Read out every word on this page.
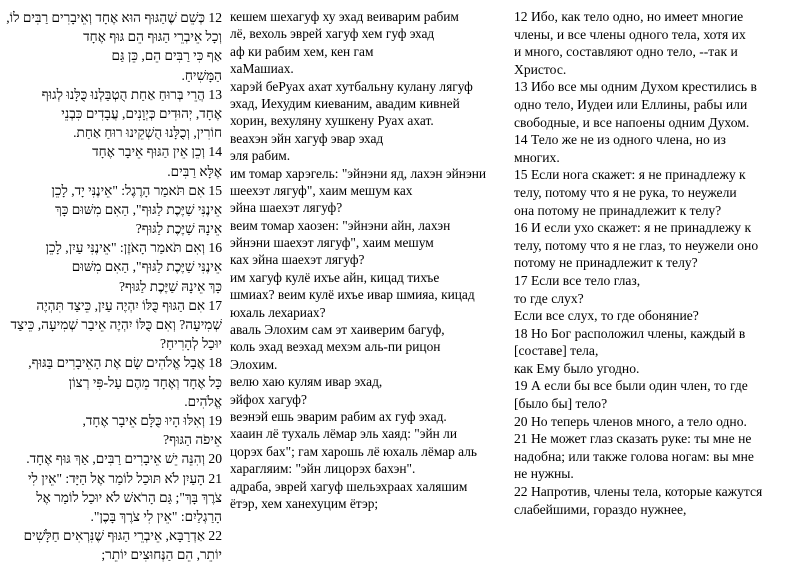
12 כְּשֵׁם שֶׁהַגּוּף הוּא אֶחָד וְאֵיבָרִים רַבִּים לוֹ,
וְכָל אֵיבְרֵי הַגּוּף הֵם גּוּף אֶחָד
אַף כִּי רַבִּים הֵם, כֵּן גַּם
הַמָּשִׁיחַ.
13 הֲרֵי בְּרוּחַ אַחַת הֻטְבַּלְנוּ כֻּלָּנוּ לְגוּף
אֶחָד, יְהוּדִים כְּיְוָנִים, עֲבָדִים כִּבְנֵי
חוֹרִין, וְכֻלָּנוּ הֻשְׁקֵינוּ רוּחַ אַחַת.
14 וְכֵן אֵין הַגּוּף אֵיבָר אֶחָד
אֶלָּא רַבִּים.
15 אִם תֹּאמַר הָרֶגֶל: "אֵינֶנִּי יָד, לָכֵן
אֵינֶנִּי שַׁיֶּכֶת לַגּוּף", הַאִם מִשּׁוּם כָּךְ
אֵינָהּ שַׁיֶּכֶת לַגּוּף?
16 וְאִם תֹּאמַר הָאֹזֶן: "אֵינֶנִּי עַיִן, לָכֵן
אֵינֶנִּי שַׁיֶּכֶת לַגּוּף", הַאִם מִשּׁוּם
כָּךְ אֵינָהּ שַׁיֶּכֶת לַגּוּף?
17 אִם הַגּוּף כֻּלּוֹ יִהְיֶה עַיִן, כֵּיצַד תִּהְיֶה
שְׁמִיעָה? וְאִם כֻּלּוֹ יִהְיֶה אֵיבַר שְׁמִיעָה, כֵּיצַד
יוּכַל לְהָרִיחַ?
18 אֲבָל אֱלֹהִים שָׂם אֶת הָאֵיבָרִים בַּגּוּף,
כָּל אֶחָד וְאֶחָד מֵהֶם עַל-פִּי רְצוֹן
אֱלֹהִים.
19 וְאִלּוּ הָיוּ כֻּלָּם אֵיבָר אֶחָד,
אֵיפֹה הַגּוּף?
20 וְהִנֵּה יֵשׁ אֵיבָרִים רַבִּים, אַךְ גּוּף אֶחָד.
21 הָעַיִן לֹא תּוּכַל לוֹמַר אֶל הַיָּד: "אֵין לִי
צֹרֶךְ בָּךְ"; גַּם הָרֹאשׁ לֹא יוּכַל לוֹמַר אֶל
הָרַגְלַיִם: "אֵין לִי צֹרֶךְ בָּכֶן".
22 אַדְרַבָּא, אֵיבְרֵי הַגּוּף שֶׁנִּרְאִים חַלָּשִׁים
יוֹתֵר, הֵם הַנְּחוּצִים יוֹתֵר;
кешем шехагуф ху эхад веиварим рабим
лё, вехоль эврей хагуф хем гуф эхад
аф ки рабим хем, кен гам
хаМашиах.
харэй беРуах ахат хутбальну кулану лягуф
эхад, Иехудим киеваним, авадим кивней
хорин, вехуляну хушкену Руах ахат.
веахэн эйн хагуф эвар эхад
эля рабим.
им томар харэгель: "эйнэни яд, лахэн эйнэни
шеехэт лягуф", хаим мешум ках
эйна шаехэт лягуф?
веим томар хаозен: "эйнэни айн, лахэн
эйнэни шаехэт лягуф", хаим мешум
ках эйна шаехэт лягуф?
им хагуф кулё ихъе айн, кицад тихъе
шмиах? веим кулё ихъе ивар шмияа, кицад
юхаль лехариах?
аваль Элохим сам эт хаиверим багуф,
коль эхад веэхад мехэм аль-пи рицон
Элохим.
велю хаю кулям ивар эхад,
эйфох хагуф?
веэнэй ешь эварим рабим ах гуф эхад.
хааин лё тухаль лёмар эль хаяд: "эйн ли
цорэх бах"; гам харошь лё юхаль лёмар аль
харагляим: "эйн лицорэх бахэн".
адраба, эврей хагуф шельэхраах халяшим
ётэр, хем ханехуцим ётэр;
12 Ибо, как тело одно, но имеет многие
члены, и все члены одного тела, хотя их
и много, составляют одно тело, --так и
Христос.
13 Ибо все мы одним Духом крестились в
одно тело, Иудеи или Еллины, рабы или
свободные, и все напоены одним Духом.
14 Тело же не из одного члена, но из
многих.
15 Если нога скажет: я не принадлежу к
телу, потому что я не рука, то неужели
она потому не принадлежит к телу?
16 И если ухо скажет: я не принадлежу к
телу, потому что я не глаз, то неужели оно
потому не принадлежит к телу?
17 Если все тело глаз,
то где слух?
Если все слух, то где обоняние?
18 Но Бог расположил члены, каждый в
[составе] тела,
как Ему было угодно.
19 А если бы все были один член, то где
[было бы] тело?
20 Но теперь членов много, а тело одно.
21 Не может глаз сказать руке: ты мне не
надобна; или также голова ногам: вы мне
не нужны.
22 Напротив, члены тела, которые кажутся
слабейшими, гораздо нужнее,
